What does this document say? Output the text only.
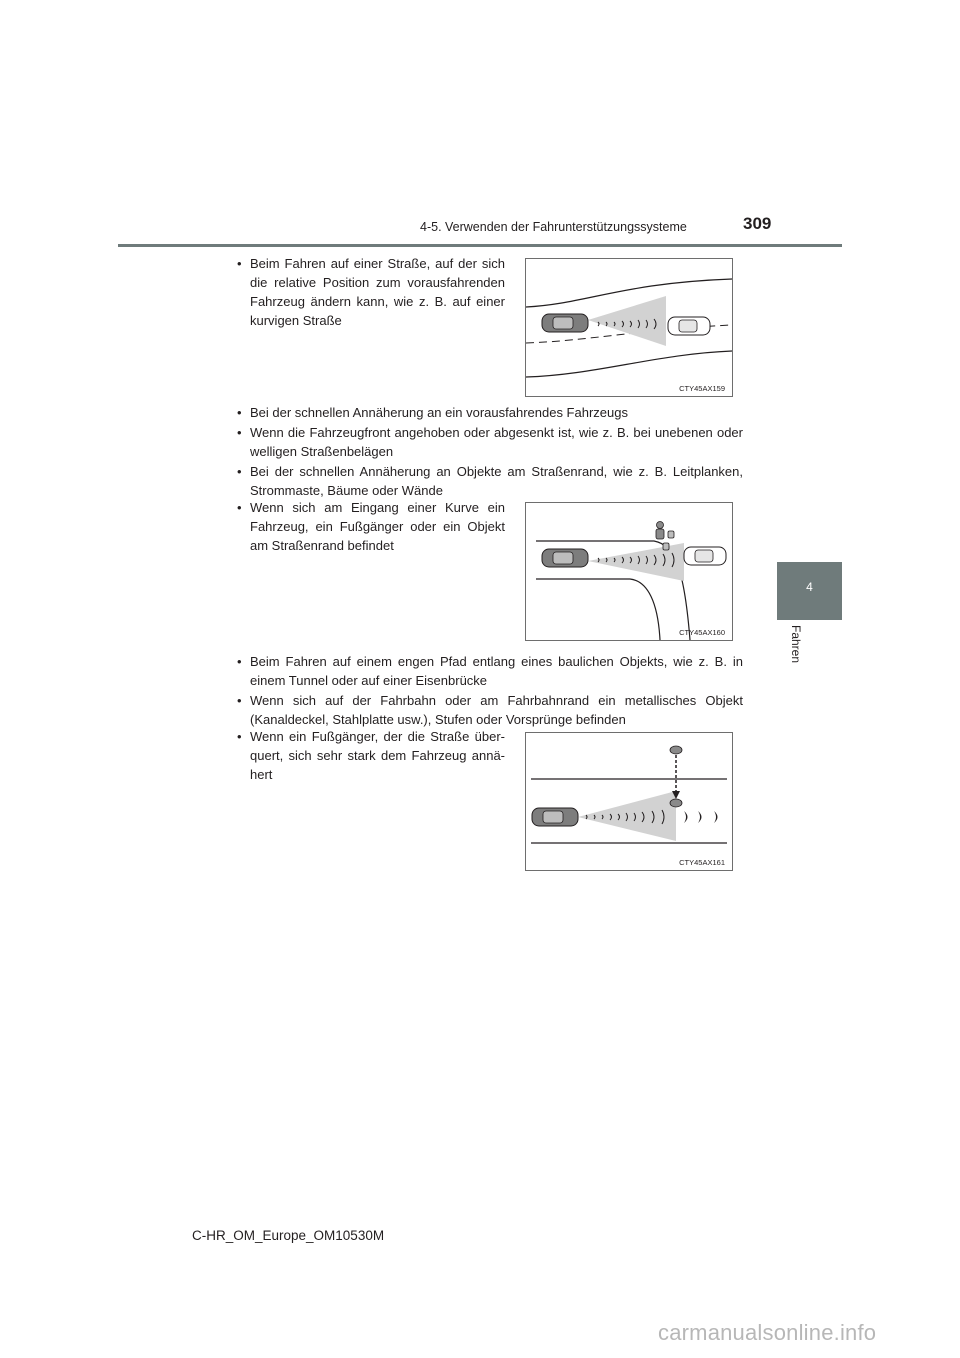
4-5. Verwenden der Fahrunterstützungssysteme	309
4
Fahren
• Beim Fahren auf einer Straße, auf der sich die relative Position zum vorausfahrenden Fahrzeug ändern kann, wie z. B. auf einer kurvigen Straße
CTY45AX159
• Bei der schnellen Annäherung an ein vorausfahrendes Fahrzeugs
• Wenn die Fahrzeugfront angehoben oder abgesenkt ist, wie z. B. bei unebenen oder welligen Straßenbelägen
• Bei der schnellen Annäherung an Objekte am Straßenrand, wie z. B. Leitplanken, Strommaste, Bäume oder Wände
• Wenn sich am Eingang einer Kurve ein Fahrzeug, ein Fußgänger oder ein Objekt am Straßenrand befindet
CTY45AX160
• Beim Fahren auf einem engen Pfad entlang eines baulichen Objekts, wie z. B. in einem Tunnel oder auf einer Eisenbrücke
• Wenn sich auf der Fahrbahn oder am Fahrbahnrand ein metallisches Objekt (Kanaldeckel, Stahlplatte usw.), Stufen oder Vorsprünge befinden
• Wenn ein Fußgänger, der die Straße über-quert, sich sehr stark dem Fahrzeug annä-hert
CTY45AX161
C-HR_OM_Europe_OM10530M
carmanualsonline.info
